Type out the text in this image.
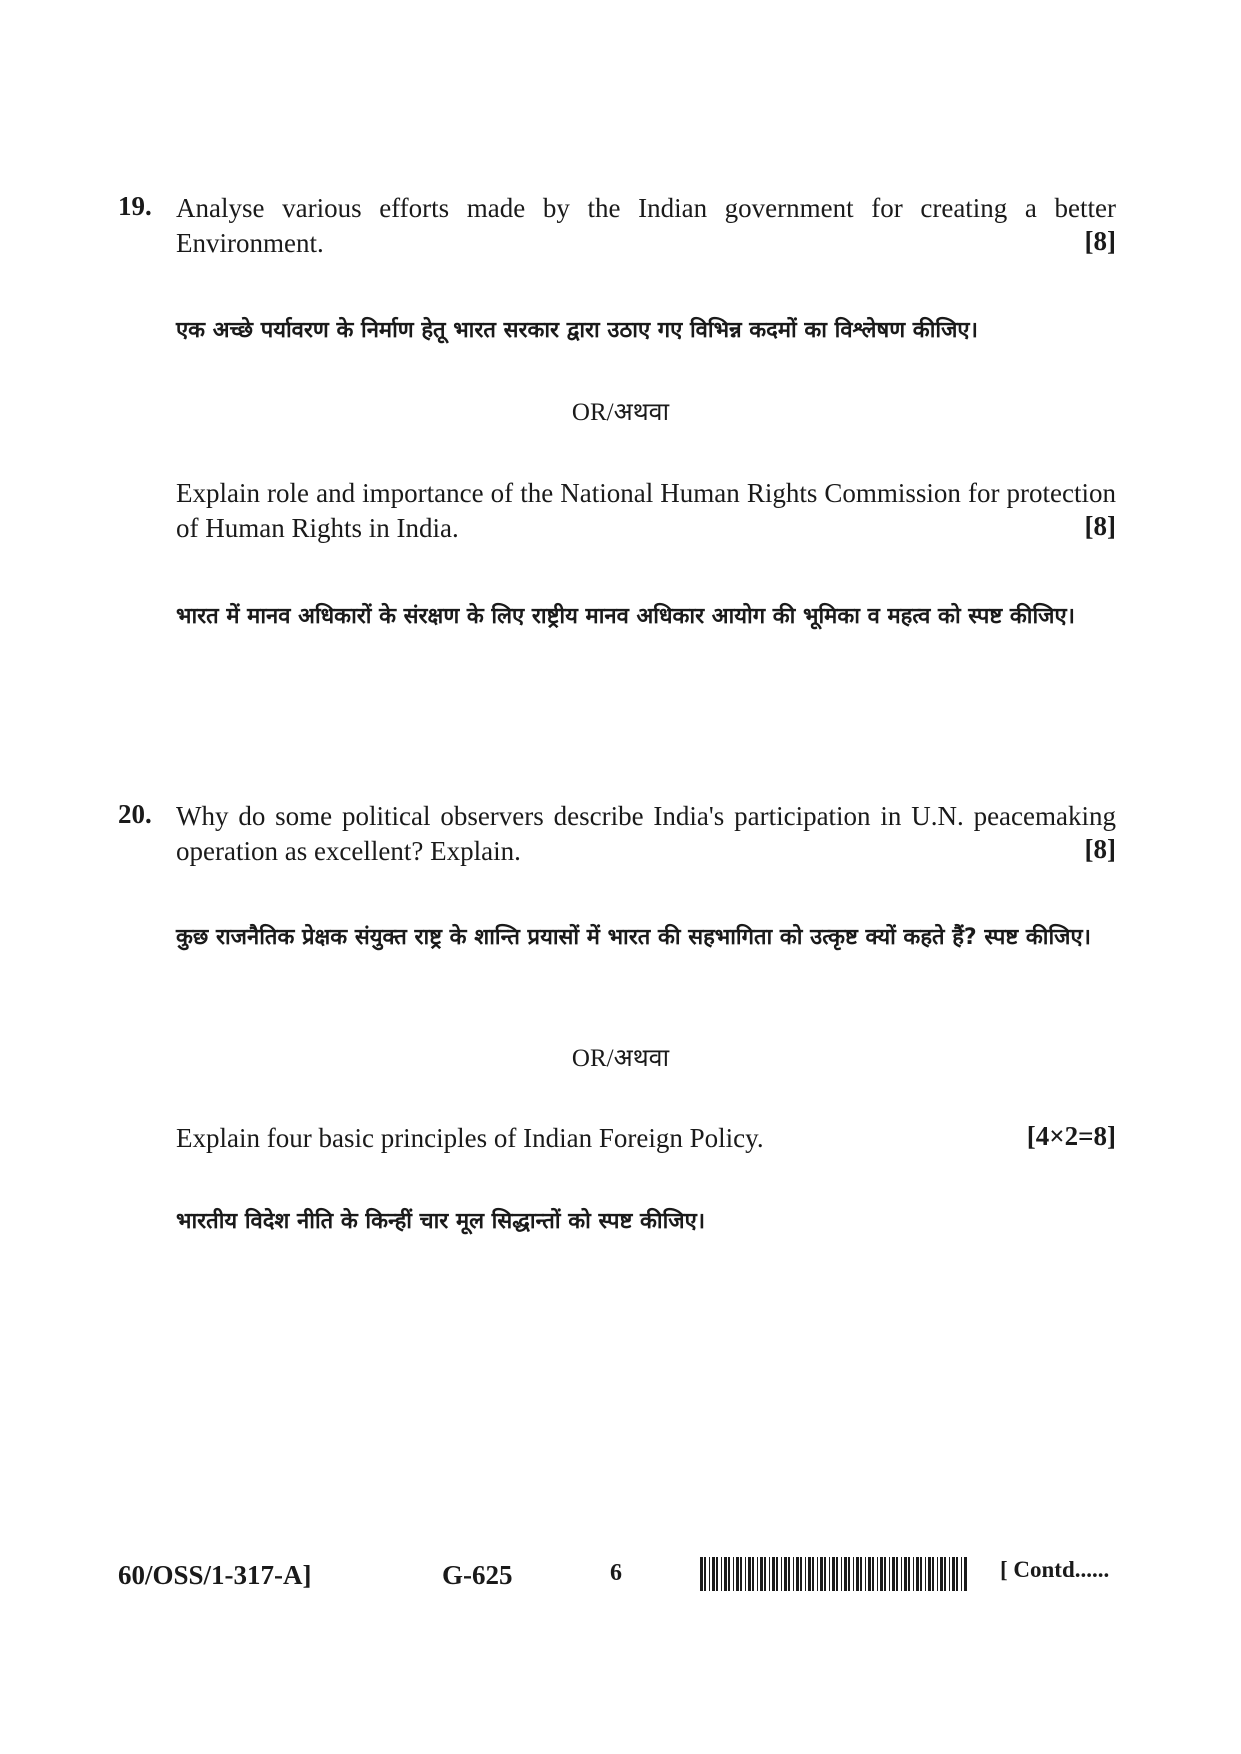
19. Analyse various efforts made by the Indian government for creating a better Environment.	[8]
एक अच्छे पर्यावरण के निर्माण हेतू भारत सरकार द्वारा उठाए गए विभिन्न कदमों का विश्लेषण कीजिए।
OR/अथवा
Explain role and importance of the National Human Rights Commission for protection of Human Rights in India.	[8]
भारत में मानव अधिकारों के संरक्षण के लिए राष्ट्रीय मानव अधिकार आयोग की भूमिका व महत्व को स्पष्ट कीजिए।
20. Why do some political observers describe India's participation in U.N. peacemaking operation as excellent? Explain.	[8]
कुछ राजनैतिक प्रेक्षक संयुक्त राष्ट्र के शान्ति प्रयासों में भारत की सहभागिता को उत्कृष्ट क्यों कहते हैं? स्पष्ट कीजिए।
OR/अथवा
Explain four basic principles of Indian Foreign Policy.	[4×2=8]
भारतीय विदेश नीति के किन्हीं चार मूल सिद्धान्तों को स्पष्ट कीजिए।
60/OSS/1-317-A]	G-625	6	[ Contd......
